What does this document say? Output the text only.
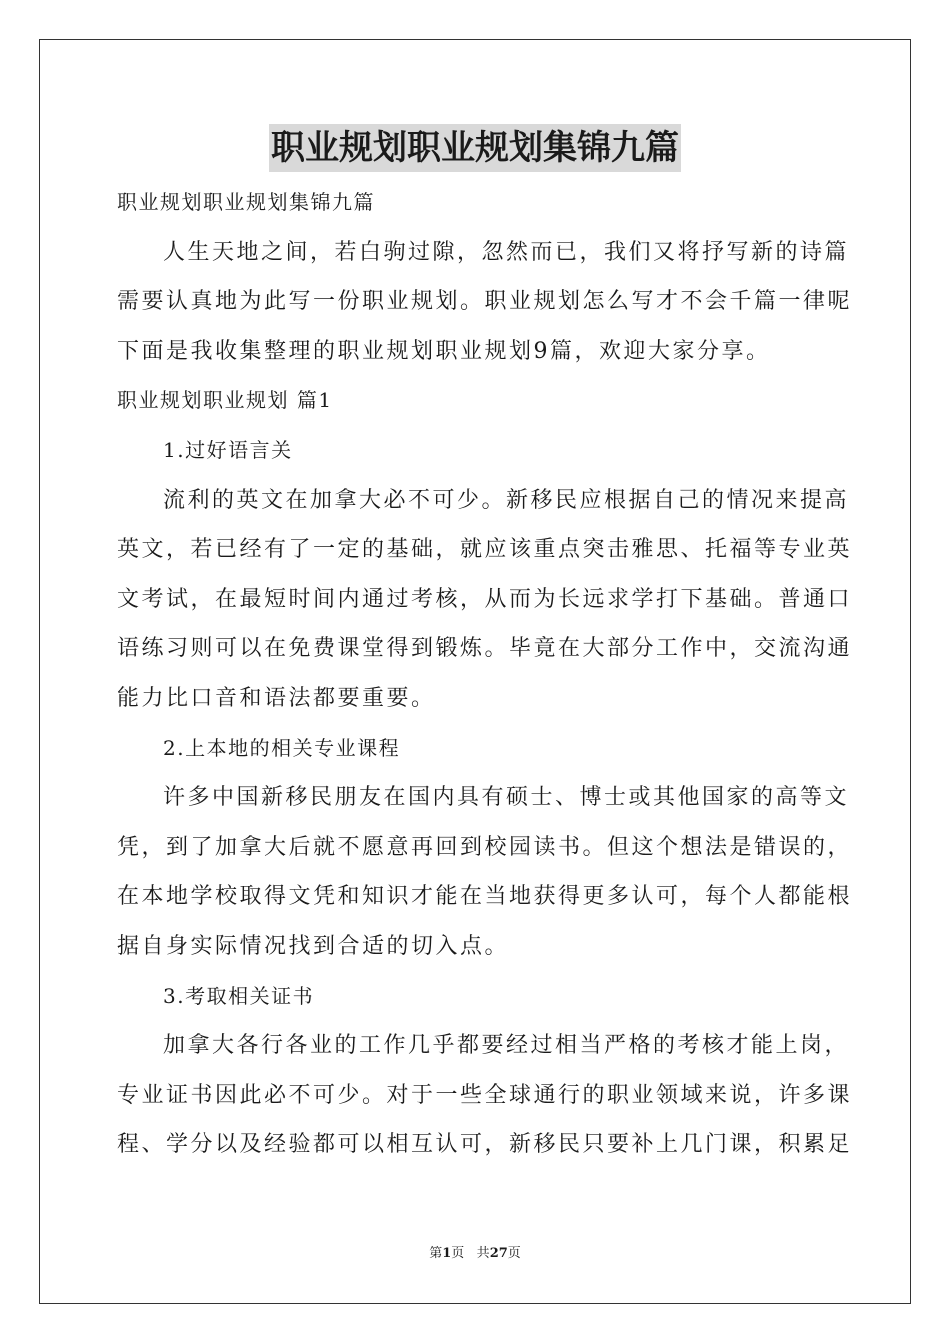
职业规划职业规划集锦九篇
职业规划职业规划集锦九篇
人生天地之间，若白驹过隙，忽然而已，我们又将抒写新的诗篇
需要认真地为此写一份职业规划。职业规划怎么写才不会千篇一律呢
下面是我收集整理的职业规划职业规划9篇，欢迎大家分享。
职业规划职业规划 篇1
1.过好语言关
流利的英文在加拿大必不可少。新移民应根据自己的情况来提高
英文，若已经有了一定的基础，就应该重点突击雅思、托福等专业英
文考试，在最短时间内通过考核，从而为长远求学打下基础。普通口
语练习则可以在免费课堂得到锻炼。毕竟在大部分工作中，交流沟通
能力比口音和语法都要重要。
2.上本地的相关专业课程
许多中国新移民朋友在国内具有硕士、博士或其他国家的高等文
凭，到了加拿大后就不愿意再回到校园读书。但这个想法是错误的，
在本地学校取得文凭和知识才能在当地获得更多认可，每个人都能根
据自身实际情况找到合适的切入点。
3.考取相关证书
加拿大各行各业的工作几乎都要经过相当严格的考核才能上岗，
专业证书因此必不可少。对于一些全球通行的职业领域来说，许多课
程、学分以及经验都可以相互认可，新移民只要补上几门课，积累足
第1页 共27页
